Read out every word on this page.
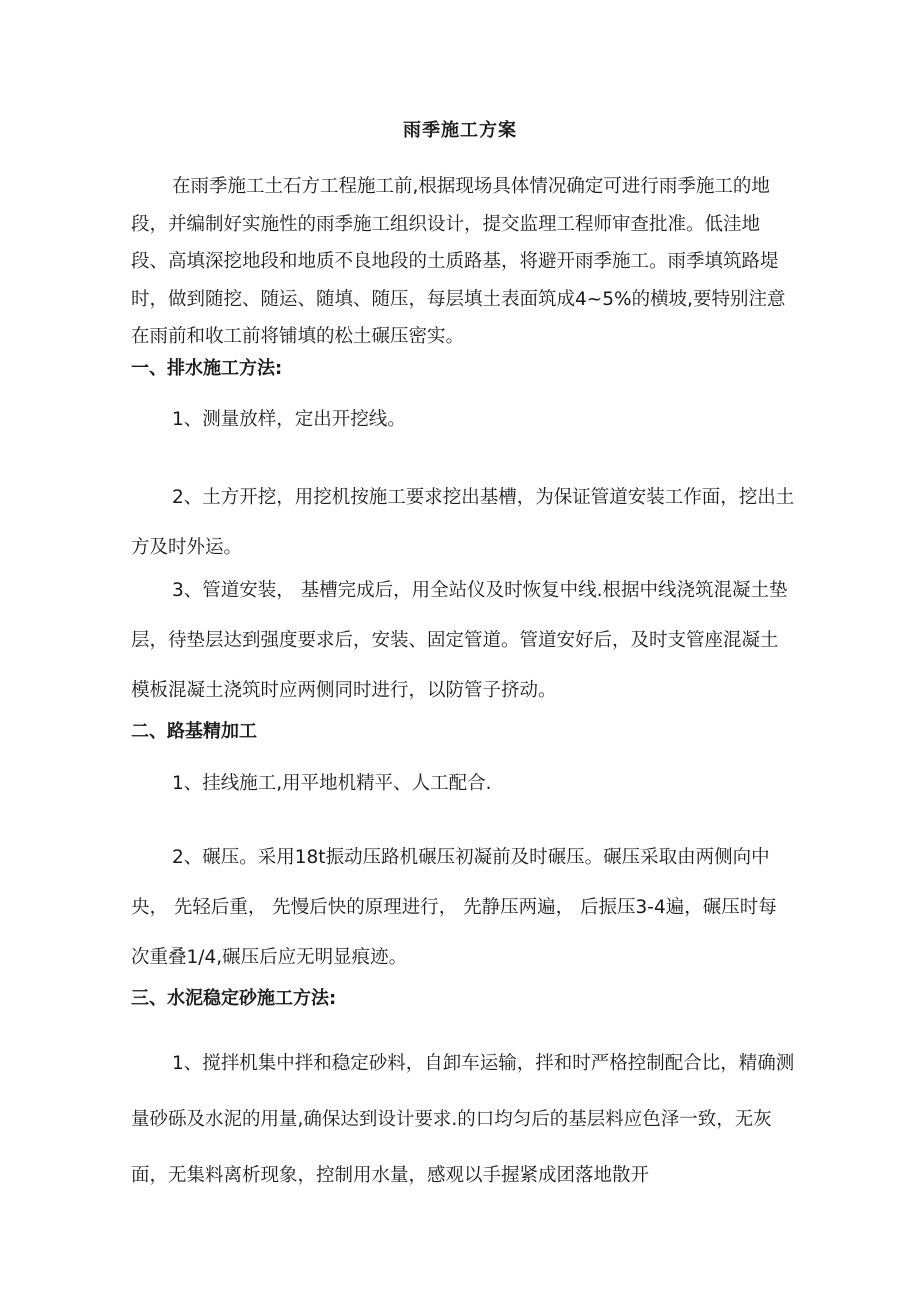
雨季施工方案

在雨季施工土石方工程施工前,根据现场具体情况确定可进行雨季施工的地段，并编制好实施性的雨季施工组织设计，提交监理工程师审查批准。低洼地段、高填深挖地段和地质不良地段的土质路基，将避开雨季施工。雨季填筑路堤时，做到随挖、随运、随填、随压，每层填土表面筑成4~5%的横坡,要特别注意在雨前和收工前将铺填的松土碾压密实。

一、排水施工方法:

1、测量放样，定出开挖线。

2、土方开挖，用挖机按施工要求挖出基槽，为保证管道安装工作面，挖出土方及时外运。

3、管道安装， 基槽完成后，用全站仪及时恢复中线.根据中线浇筑混凝土垫层，待垫层达到强度要求后，安装、固定管道。管道安好后，及时支管座混凝土模板混凝土浇筑时应两侧同时进行，以防管子挤动。

二、路基精加工

1、挂线施工,用平地机精平、人工配合.

2、碾压。采用18t振动压路机碾压初凝前及时碾压。碾压采取由两侧向中央， 先轻后重， 先慢后快的原理进行， 先静压两遍， 后振压3-4遍，碾压时每次重叠1/4,碾压后应无明显痕迹。

三、水泥稳定砂施工方法:

1、搅拌机集中拌和稳定砂料，自卸车运输，拌和时严格控制配合比，精确测量砂砾及水泥的用量,确保达到设计要求.的口均匀后的基层料应色泽一致，无灰面，无集料离析现象，控制用水量，感观以手握紧成团落地散开
